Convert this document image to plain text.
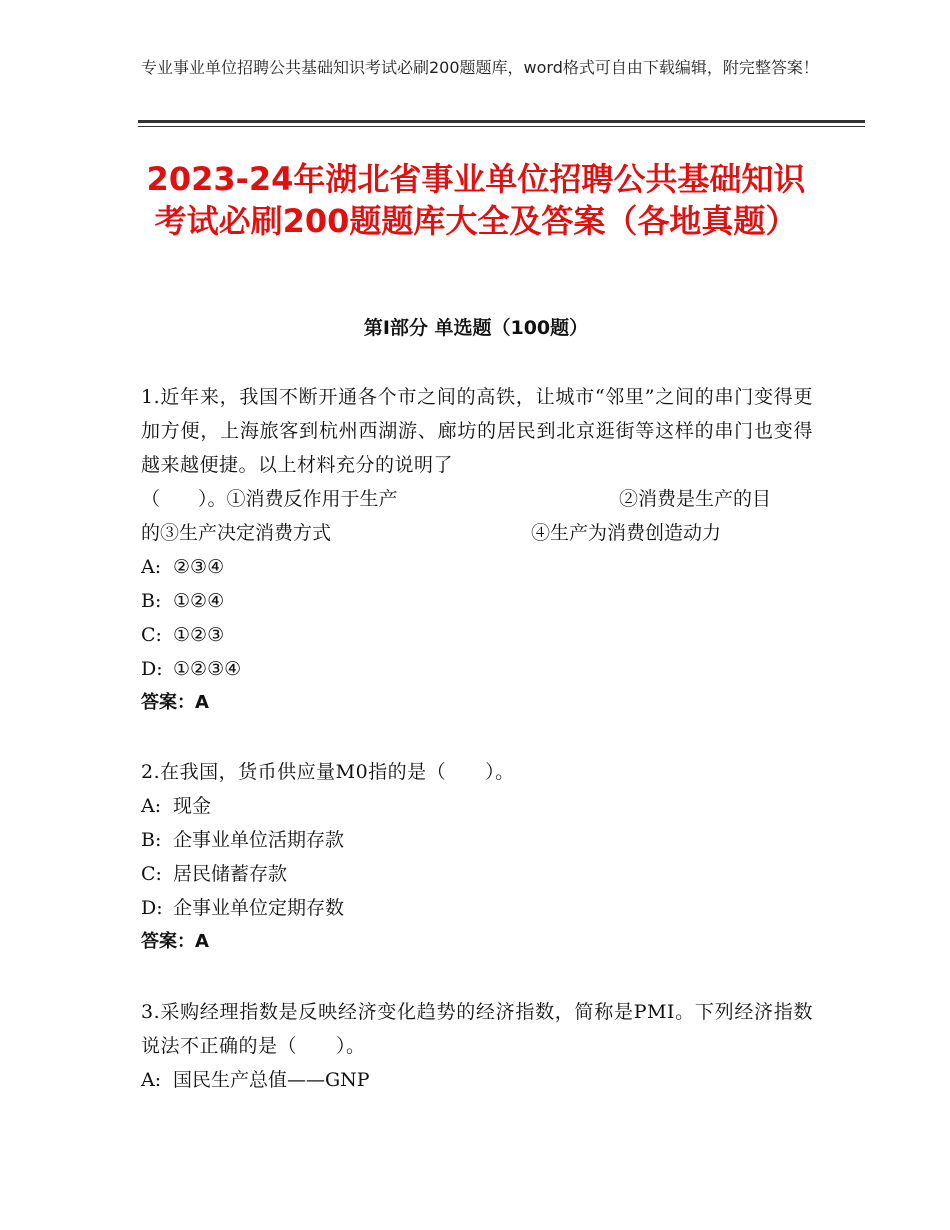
专业事业单位招聘公共基础知识考试必刷200题题库，word格式可自由下载编辑，附完整答案！
2023-24年湖北省事业单位招聘公共基础知识考试必刷200题题库大全及答案（各地真题）
第Ⅰ部分 单选题（100题）
1.近年来，我国不断开通各个市之间的高铁，让城市“邻里”之间的串门变得更加方便，上海旅客到杭州西湖游、廊坊的居民到北京逛街等这样的串门也变得越来越便捷。以上材料充分的说明了
（　　）。①消费反作用于生产	②消费是生产的目
的③生产决定消费方式	④生产为消费创造动力
A: ②③④
B: ①②④
C: ①②③
D: ①②③④
答案：A
2.在我国，货币供应量M0指的是（　　）。
A: 现金
B: 企事业单位活期存款
C: 居民储蓄存款
D: 企事业单位定期存数
答案：A
3.采购经理指数是反映经济变化趋势的经济指数，简称是PMI。下列经济指数说法不正确的是（　　）。
A: 国民生产总值——GNP
